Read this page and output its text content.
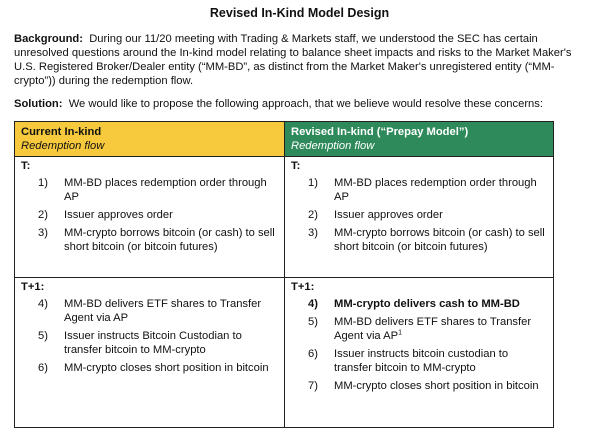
Revised In-Kind Model Design
Background: During our 11/20 meeting with Trading & Markets staff, we understood the SEC has certain unresolved questions around the In-kind model relating to balance sheet impacts and risks to the Market Maker's U.S. Registered Broker/Dealer entity (“MM-BD”, as distinct from the Market Maker's unregistered entity (“MM-crypto”)) during the redemption flow.
Solution: We would like to propose the following approach, that we believe would resolve these concerns:
Current In-kind
Redemption flow
Revised In-kind (“Prepay Model”)
Redemption flow
T:
1) MM-BD places redemption order through AP
2) Issuer approves order
3) MM-crypto borrows bitcoin (or cash) to sell short bitcoin (or bitcoin futures)
T:
1) MM-BD places redemption order through AP
2) Issuer approves order
3) MM-crypto borrows bitcoin (or cash) to sell short bitcoin (or bitcoin futures)
T+1:
4) MM-BD delivers ETF shares to Transfer Agent via AP
5) Issuer instructs Bitcoin Custodian to transfer bitcoin to MM-crypto
6) MM-crypto closes short position in bitcoin
T+1:
4) MM-crypto delivers cash to MM-BD
5) MM-BD delivers ETF shares to Transfer Agent via $AP^1$
6) Issuer instructs bitcoin custodian to transfer bitcoin to MM-crypto
7) MM-crypto closes short position in bitcoin
